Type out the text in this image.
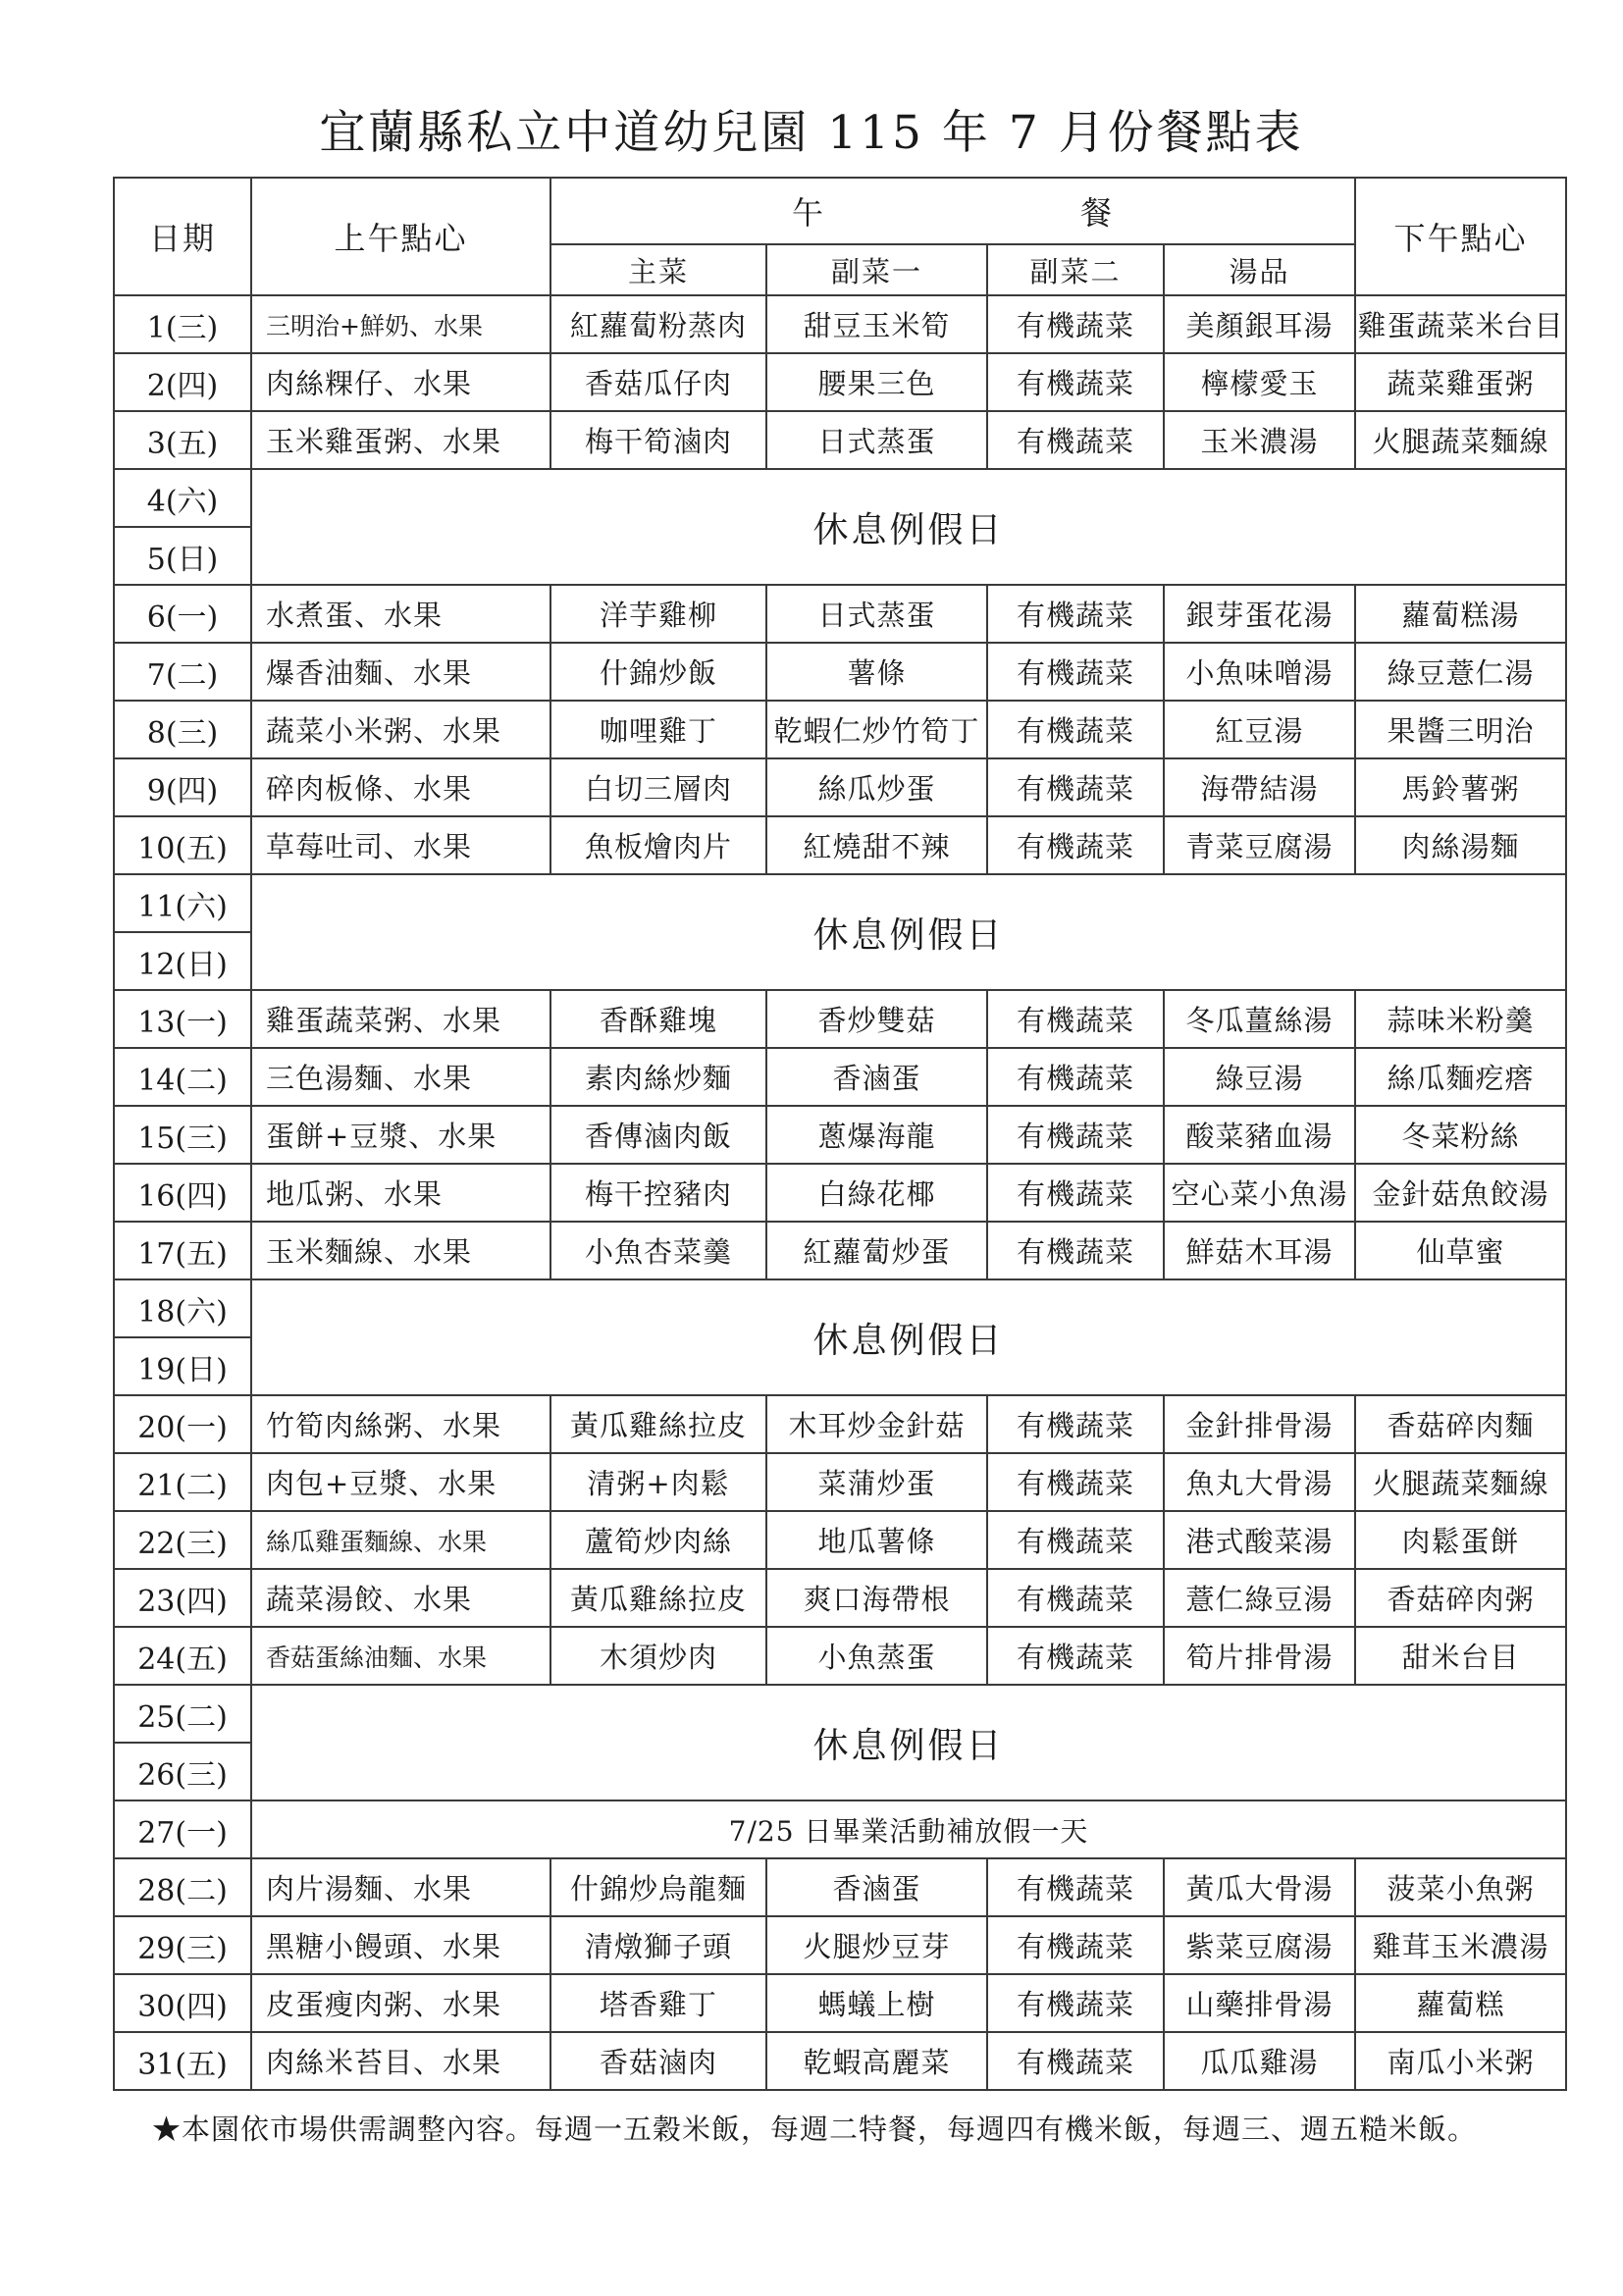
宜蘭縣私立中道幼兒園 115 年 7 月份餐點表
日期	上午點心	午 餐				下午點心
		主菜	副菜一	副菜二	湯品	
1(三)	三明治+鮮奶、水果	紅蘿蔔粉蒸肉	甜豆玉米筍	有機蔬菜	美顏銀耳湯	雞蛋蔬菜米台目
2(四)	肉絲粿仔、水果	香菇瓜仔肉	腰果三色	有機蔬菜	檸檬愛玉	蔬菜雞蛋粥
3(五)	玉米雞蛋粥、水果	梅干筍滷肉	日式蒸蛋	有機蔬菜	玉米濃湯	火腿蔬菜麵線
4(六)	休息例假日					
5(日)						
6(一)	水煮蛋、水果	洋芋雞柳	日式蒸蛋	有機蔬菜	銀芽蛋花湯	蘿蔔糕湯
7(二)	爆香油麵、水果	什錦炒飯	薯條	有機蔬菜	小魚味噌湯	綠豆薏仁湯
8(三)	蔬菜小米粥、水果	咖哩雞丁	乾蝦仁炒竹筍丁	有機蔬菜	紅豆湯	果醬三明治
9(四)	碎肉板條、水果	白切三層肉	絲瓜炒蛋	有機蔬菜	海帶結湯	馬鈴薯粥
10(五)	草莓吐司、水果	魚板燴肉片	紅燒甜不辣	有機蔬菜	青菜豆腐湯	肉絲湯麵
11(六)	休息例假日					
12(日)						
13(一)	雞蛋蔬菜粥、水果	香酥雞塊	香炒雙菇	有機蔬菜	冬瓜薑絲湯	蒜味米粉羹
14(二)	三色湯麵、水果	素肉絲炒麵	香滷蛋	有機蔬菜	綠豆湯	絲瓜麵疙瘩
15(三)	蛋餅+豆漿、水果	香傳滷肉飯	蔥爆海龍	有機蔬菜	酸菜豬血湯	冬菜粉絲
16(四)	地瓜粥、水果	梅干控豬肉	白綠花椰	有機蔬菜	空心菜小魚湯	金針菇魚餃湯
17(五)	玉米麵線、水果	小魚杏菜羹	紅蘿蔔炒蛋	有機蔬菜	鮮菇木耳湯	仙草蜜
18(六)	休息例假日					
19(日)						
20(一)	竹筍肉絲粥、水果	黃瓜雞絲拉皮	木耳炒金針菇	有機蔬菜	金針排骨湯	香菇碎肉麵
21(二)	肉包+豆漿、水果	清粥+肉鬆	菜蒲炒蛋	有機蔬菜	魚丸大骨湯	火腿蔬菜麵線
22(三)	絲瓜雞蛋麵線、水果	蘆筍炒肉絲	地瓜薯條	有機蔬菜	港式酸菜湯	肉鬆蛋餅
23(四)	蔬菜湯餃、水果	黃瓜雞絲拉皮	爽口海帶根	有機蔬菜	薏仁綠豆湯	香菇碎肉粥
24(五)	香菇蛋絲油麵、水果	木須炒肉	小魚蒸蛋	有機蔬菜	筍片排骨湯	甜米台目
25(二)	休息例假日					
26(三)						
27(一)	7/25 日畢業活動補放假一天					
28(二)	肉片湯麵、水果	什錦炒烏龍麵	香滷蛋	有機蔬菜	黃瓜大骨湯	菠菜小魚粥
29(三)	黑糖小饅頭、水果	清燉獅子頭	火腿炒豆芽	有機蔬菜	紫菜豆腐湯	雞茸玉米濃湯
30(四)	皮蛋瘦肉粥、水果	塔香雞丁	螞蟻上樹	有機蔬菜	山藥排骨湯	蘿蔔糕
31(五)	肉絲米苔目、水果	香菇滷肉	乾蝦高麗菜	有機蔬菜	瓜瓜雞湯	南瓜小米粥
★本園依市場供需調整內容。每週一五穀米飯，每週二特餐，每週四有機米飯，每週三、週五糙米飯。
